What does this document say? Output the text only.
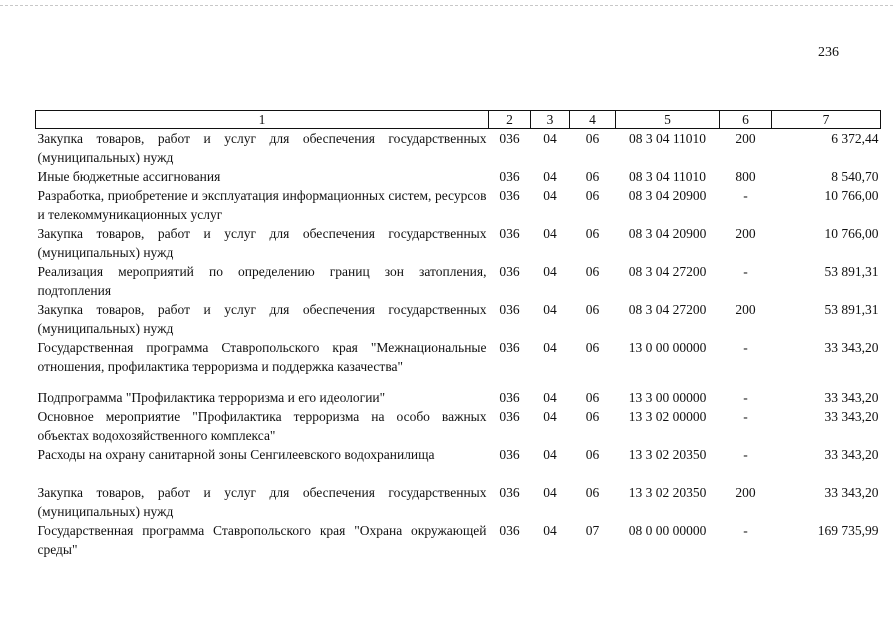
236
1	2	3	4	5	6	7
Закупка товаров, работ и услуг для обеспечения государственных (муниципальных) нужд	036	04	06	08 3 04 11010	200	6 372,44
Иные бюджетные ассигнования	036	04	06	08 3 04 11010	800	8 540,70
Разработка, приобретение и эксплуатация информационных систем, ресурсов и телекоммуникационных услуг	036	04	06	08 3 04 20900	-	10 766,00
Закупка товаров, работ и услуг для обеспечения государственных (муниципальных) нужд	036	04	06	08 3 04 20900	200	10 766,00
Реализация мероприятий по определению границ зон затопления, подтопления	036	04	06	08 3 04 27200	-	53 891,31
Закупка товаров, работ и услуг для обеспечения государственных (муниципальных) нужд	036	04	06	08 3 04 27200	200	53 891,31
Государственная программа Ставропольского края "Межнациональные отношения, профилактика терроризма и поддержка казачества"	036	04	06	13 0 00 00000	-	33 343,20
Подпрограмма "Профилактика терроризма и его идеологии"	036	04	06	13 3 00 00000	-	33 343,20
Основное мероприятие "Профилактика терроризма на особо важных объектах водохозяйственного комплекса"	036	04	06	13 3 02 00000	-	33 343,20
Расходы на охрану санитарной зоны Сенгилеевского водохранилища	036	04	06	13 3 02 20350	-	33 343,20
Закупка товаров, работ и услуг для обеспечения государственных (муниципальных) нужд	036	04	06	13 3 02 20350	200	33 343,20
Государственная программа Ставропольского края "Охрана окружающей среды"	036	04	07	08 0 00 00000	-	169 735,99
